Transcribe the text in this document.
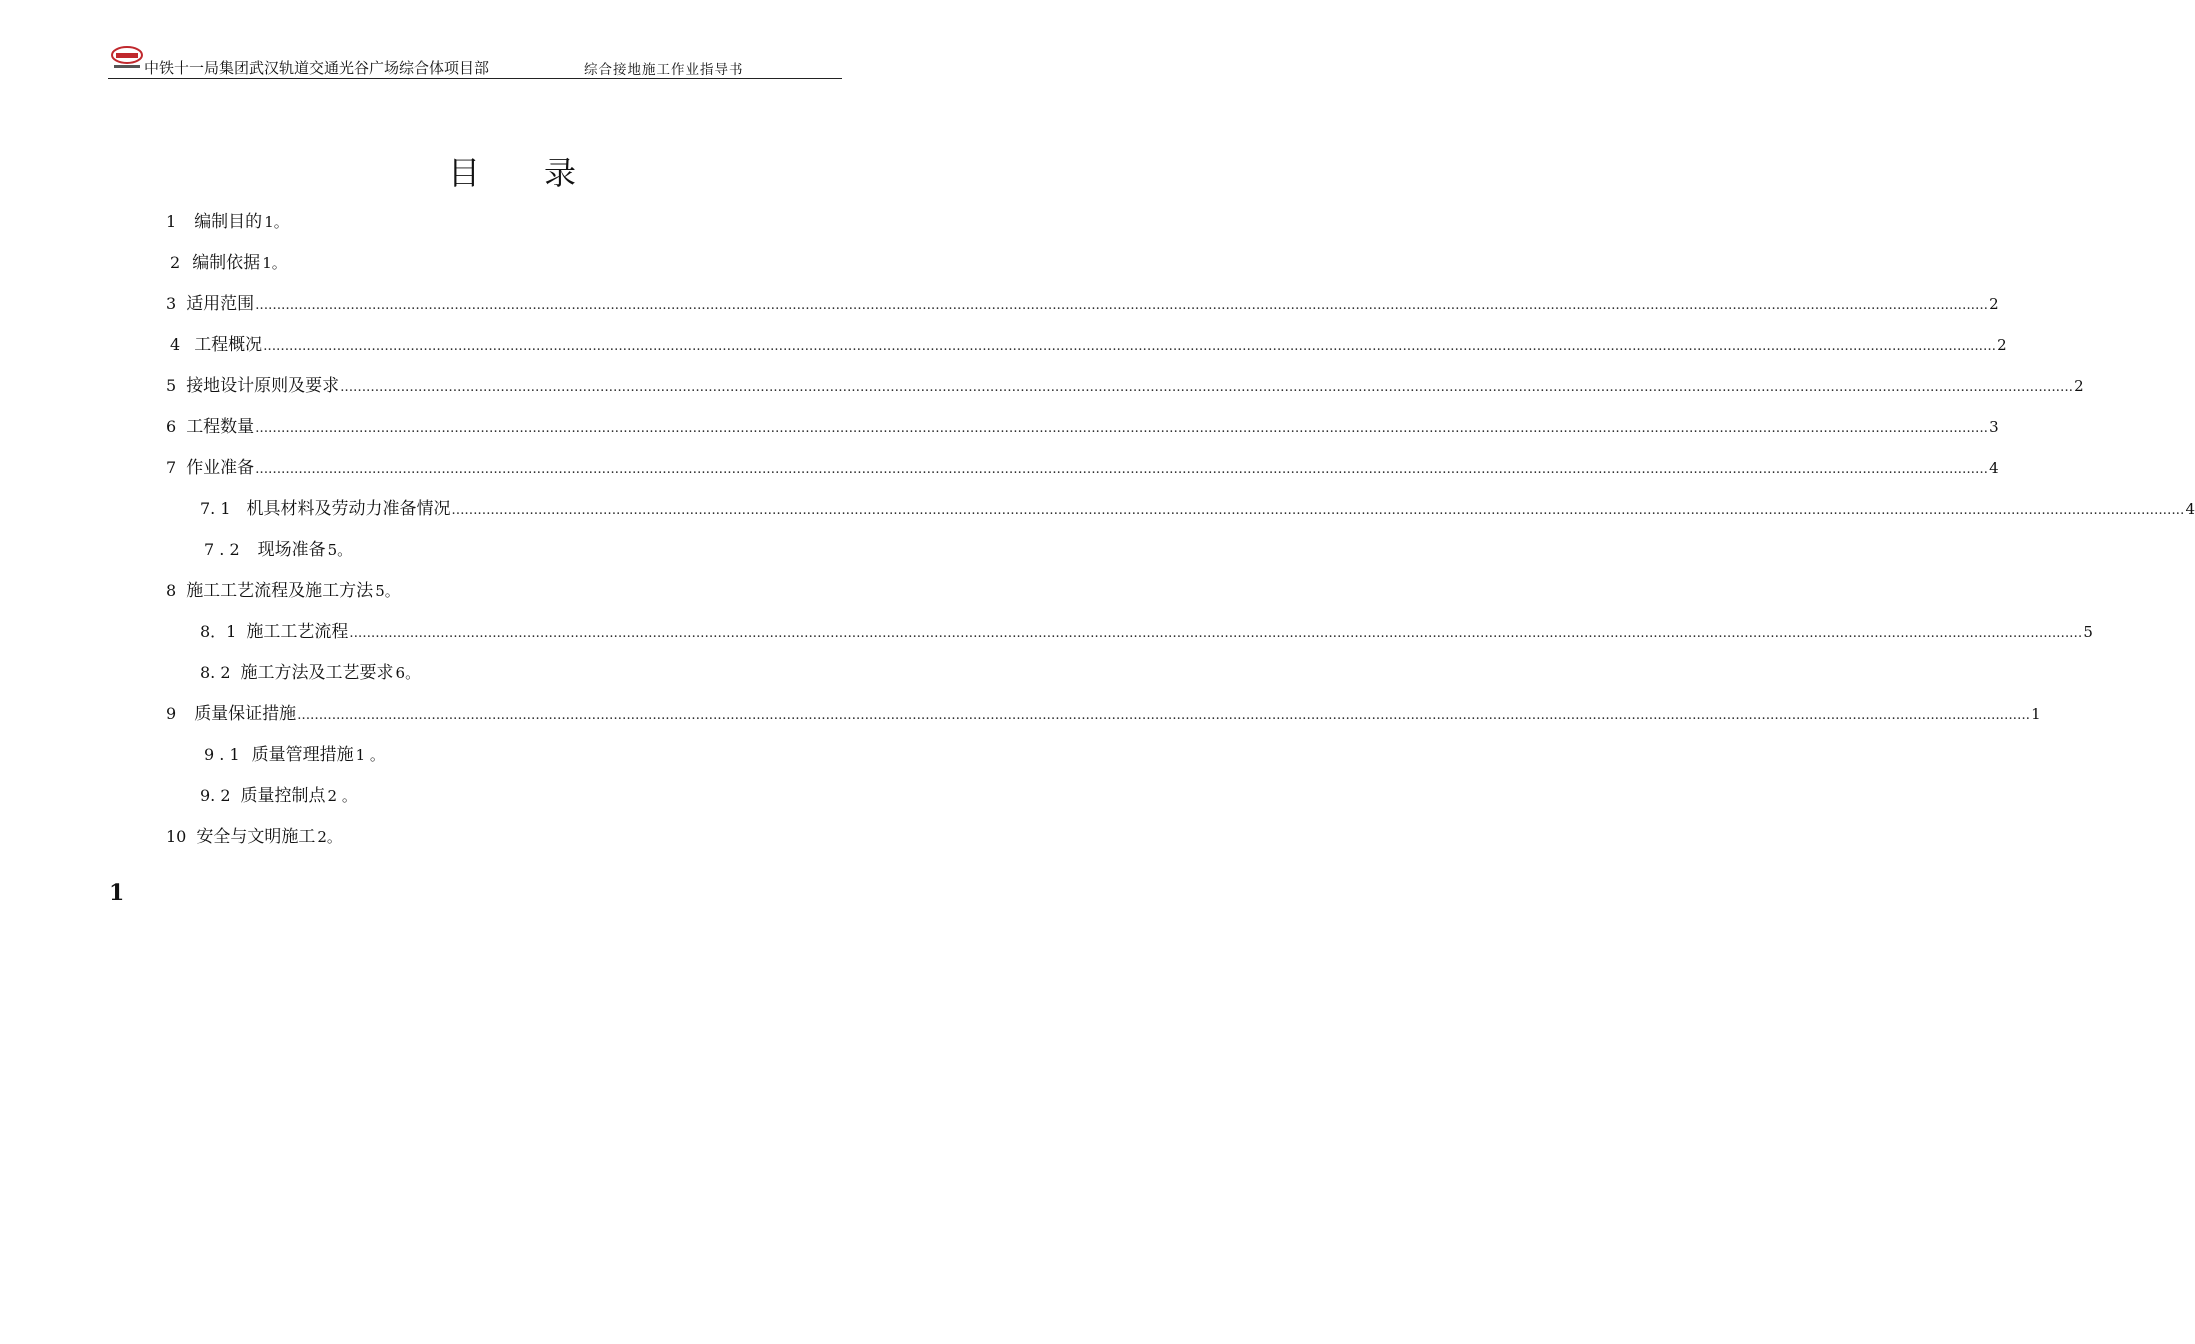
中铁十一局集团武汉轨道交通光谷广场综合体项目部	综合接地施工作业指导书
目　　录
1 编制目的 1。
2 编制依据 1。
3 适用范围 ................................................................................................................................................................................................................................................................................................................................................................................................................ 2
4 工程概况 ................................................................................................................................................................................................................................................................................................................................................................................................................ 2
5 接地设计原则及要求 ................................................................................................................................................................................................................................................................................................................................................................................................................ 2
6 工程数量 ................................................................................................................................................................................................................................................................................................................................................................................................................ 3
7 作业准备 ................................................................................................................................................................................................................................................................................................................................................................................................................ 4
7. 1 机具材料及劳动力准备情况 ................................................................................................................................................................................................................................................................................................................................................................................................................ 4
7 . 2 现场准备 5。
8 施工工艺流程及施工方法 5。
8．1 施工工艺流程 ................................................................................................................................................................................................................................................................................................................................................................................................................ 5
8. 2 施工方法及工艺要求 6。
9 质量保证措施 ................................................................................................................................................................................................................................................................................................................................................................................................................ 1
9 . 1 质量管理措施 1 。
9. 2 质量控制点 2 。
10 安全与文明施工 2。
1
